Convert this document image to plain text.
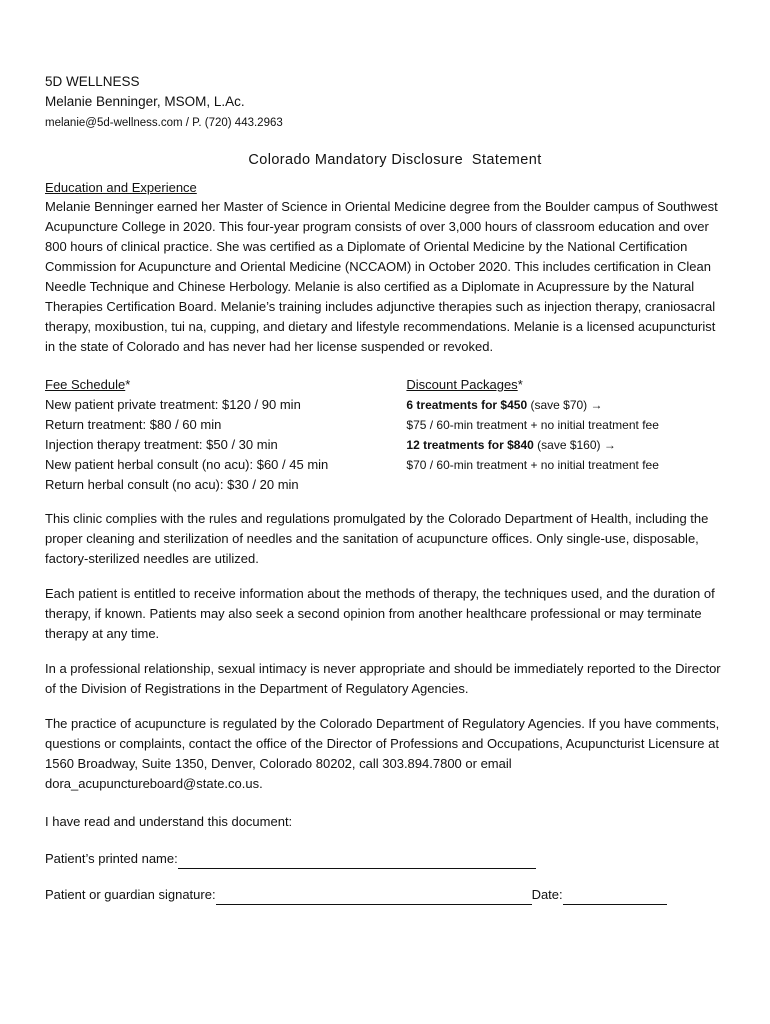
5D WELLNESS
Melanie Benninger, MSOM, L.Ac.
melanie@5d-wellness.com / P. (720) 443.2963
Colorado Mandatory Disclosure  Statement
Education and Experience

Melanie Benninger earned her Master of Science in Oriental Medicine degree from the Boulder campus of Southwest Acupuncture College in 2020. This four-year program consists of over 3,000 hours of classroom education and over 800 hours of clinical practice. She was certified as a Diplomate of Oriental Medicine by the National Certification Commission for Acupuncture and Oriental Medicine (NCCAOM) in October 2020. This includes certification in Clean Needle Technique and Chinese Herbology. Melanie is also certified as a Diplomate in Acupressure by the Natural Therapies Certification Board. Melanie’s training includes adjunctive therapies such as injection therapy, craniosacral therapy, moxibustion, tui na, cupping, and dietary and lifestyle recommendations. Melanie is a licensed acupuncturist in the state of Colorado and has never had her license suspended or revoked.

Fee Schedule*
New patient private treatment: $120 / 90 min
Return treatment: $80 / 60 min
Injection therapy treatment: $50 / 30 min
New patient herbal consult (no acu): $60 / 45 min
Return herbal consult (no acu): $30 / 20 min
Discount Packages*
6 treatments for $450 (save $70) →
$75 / 60-min treatment + no initial treatment fee
12 treatments for $840 (save $160) →
$70 / 60-min treatment + no initial treatment fee

This clinic complies with the rules and regulations promulgated by the Colorado Department of Health, including the proper cleaning and sterilization of needles and the sanitation of acupuncture offices. Only single-use, disposable, factory-sterilized needles are utilized.

Each patient is entitled to receive information about the methods of therapy, the techniques used, and the duration of therapy, if known. Patients may also seek a second opinion from another healthcare professional or may terminate therapy at any time.

In a professional relationship, sexual intimacy is never appropriate and should be immediately reported to the Director of the Division of Registrations in the Department of Regulatory Agencies.

The practice of acupuncture is regulated by the Colorado Department of Regulatory Agencies. If you have comments, questions or complaints, contact the office of the Director of Professions and Occupations, Acupuncturist Licensure at 1560 Broadway, Suite 1350, Denver, Colorado 80202, call 303.894.7800 or email dora_acupunctureboard@state.co.us.

I have read and understand this document:

Patient’s printed name:
Patient or guardian signature:	Date:
